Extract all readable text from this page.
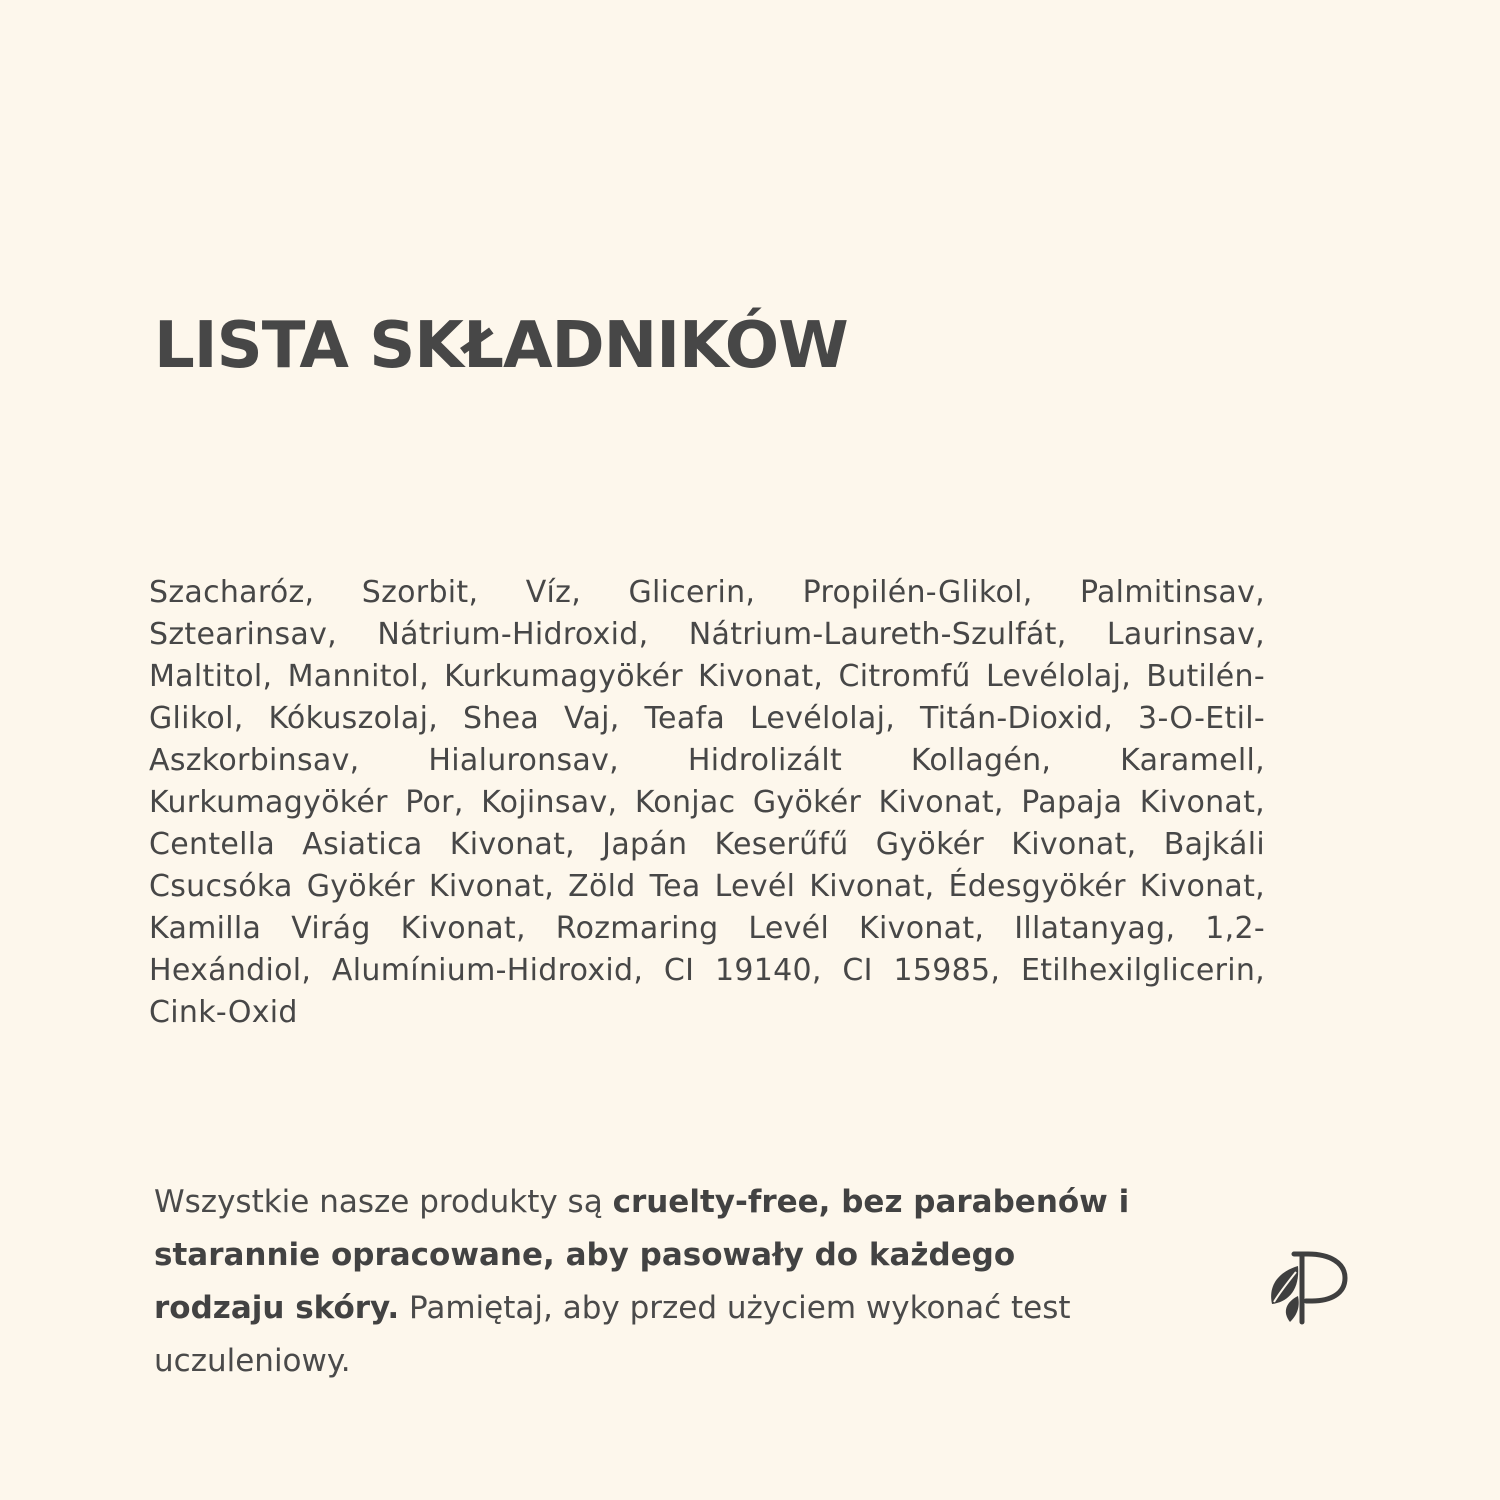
LISTA SKŁADNIKÓW

Szacharóz, Szorbit, Víz, Glicerin, Propilén-Glikol, Palmitinsav, Sztearinsav, Nátrium-Hidroxid, Nátrium-Laureth-Szulfát, Laurinsav, Maltitol, Mannitol, Kurkumagyökér Kivonat, Citromfű Levélolaj, Butilén-Glikol, Kókuszolaj, Shea Vaj, Teafa Levélolaj, Titán-Dioxid, 3-O-Etil-Aszkorbinsav, Hialuronsav, Hidrolizált Kollagén, Karamell, Kurkumagyökér Por, Kojinsav, Konjac Gyökér Kivonat, Papaja Kivonat, Centella Asiatica Kivonat, Japán Keserűfű Gyökér Kivonat, Bajkáli Csucsóka Gyökér Kivonat, Zöld Tea Levél Kivonat, Édesgyökér Kivonat, Kamilla Virág Kivonat, Rozmaring Levél Kivonat, Illatanyag, 1,2-Hexándiol, Alumínium-Hidroxid, CI 19140, CI 15985, Etilhexilglicerin, Cink-Oxid

Wszystkie nasze produkty są cruelty-free, bez parabenów i starannie opracowane, aby pasowały do każdego rodzaju skóry. Pamiętaj, aby przed użyciem wykonać test uczuleniowy.
